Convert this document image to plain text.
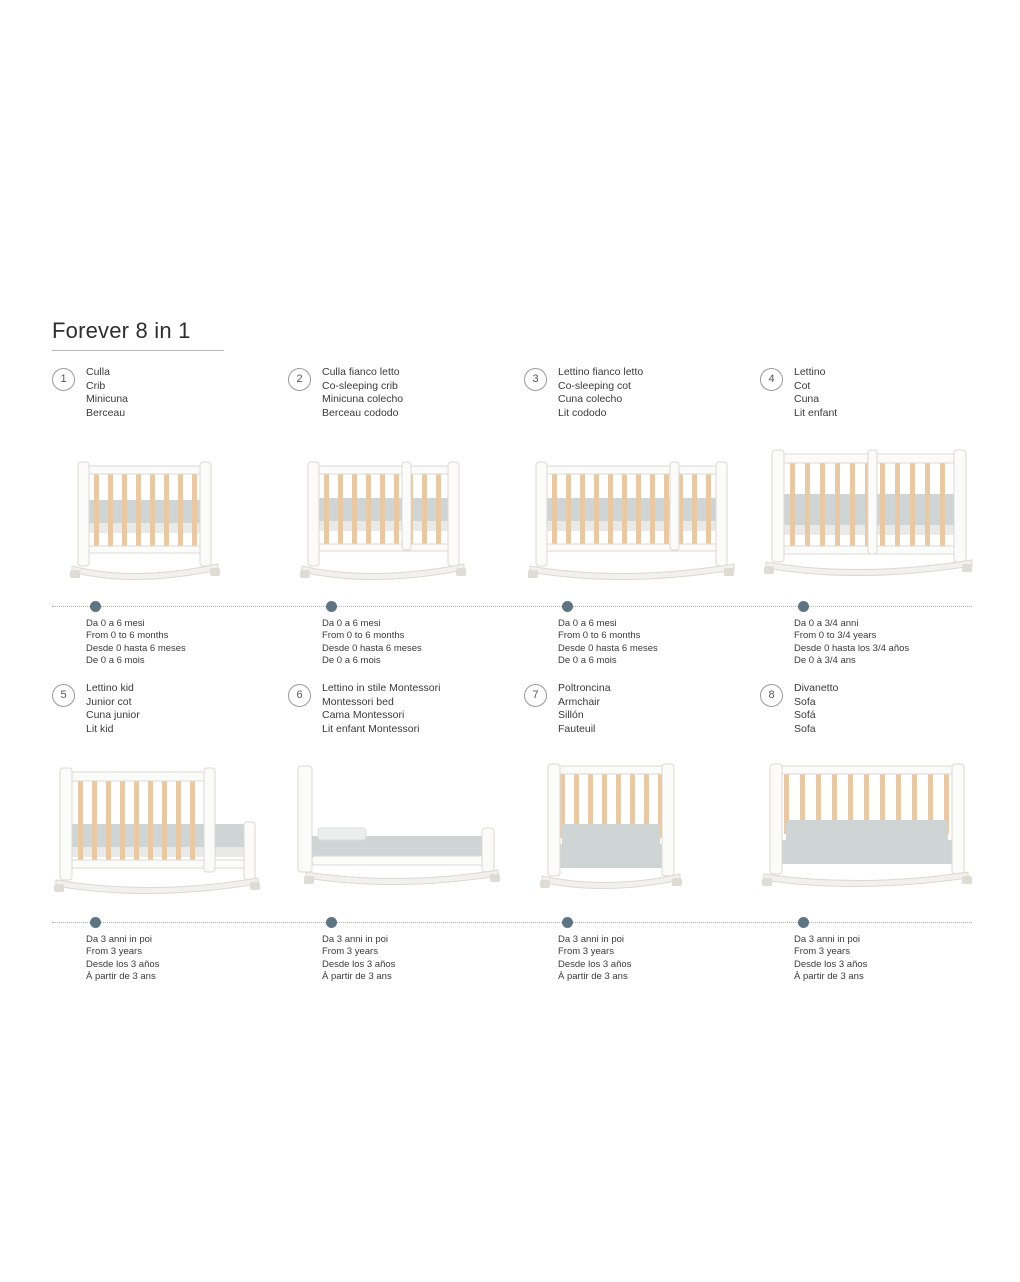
Forever 8 in 1
1
Culla
Crib
Minicuna
Berceau
2
Culla fianco letto
Co-sleeping crib
Minicuna colecho
Berceau cododo
3
Lettino fianco letto
Co-sleeping cot
Cuna colecho
Lit cododo
4
Lettino
Cot
Cuna
Lit enfant
Da 0 a 6 mesi
From 0 to 6 months
Desde 0 hasta 6 meses
De 0 a 6 mois
Da 0 a 6 mesi
From 0 to 6 months
Desde 0 hasta 6 meses
De 0 a 6 mois
Da 0 a 6 mesi
From 0 to 6 months
Desde 0 hasta 6 meses
De 0 a 6 mois
Da 0 a 3/4 anni
From 0 to 3/4 years
Desde 0 hasta los 3/4 años
De 0 à 3/4 ans
5
Lettino kid
Junior cot
Cuna junior
Lit kid
6
Lettino in stile Montessori
Montessori bed
Cama Montessori
Lit enfant Montessori
7
Poltroncina
Armchair
Sillón
Fauteuil
8
Divanetto
Sofa
Sofá
Sofa
Da 3 anni in poi
From 3 years
Desde los 3 años
À partir de 3 ans
Da 3 anni in poi
From 3 years
Desde los 3 años
À partir de 3 ans
Da 3 anni in poi
From 3 years
Desde los 3 años
À partir de 3 ans
Da 3 anni in poi
From 3 years
Desde los 3 años
À partir de 3 ans
